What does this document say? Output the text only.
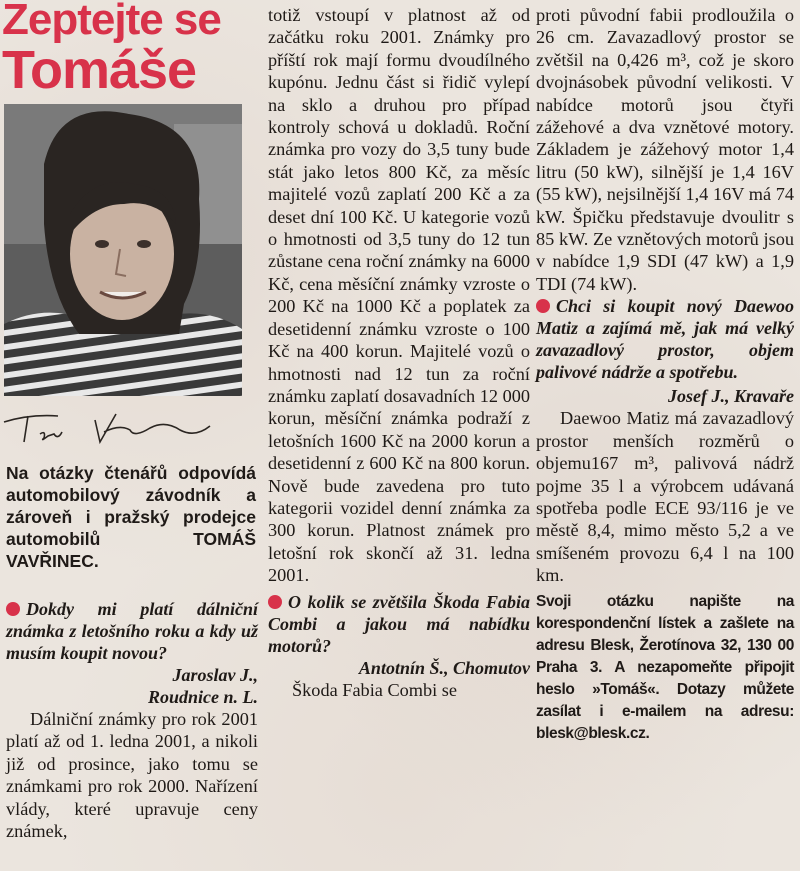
Zeptejte se
Tomáše
Na otázky čtenářů odpovídá automobilový závodník a zároveň i pražský prodejce automobilů TOMÁŠ VAVŘINEC.

Dokdy mi platí dálniční známka z letošního roku a kdy už musím koupit novou?

Jaroslav J.,

Roudnice n. L.

Dálniční známky pro rok 2001 platí až od 1. ledna 2001, a nikoli již od prosince, jako tomu se známkami pro rok 2000. Nařízení vlády, které upravuje ceny známek,

totiž vstoupí v platnost až od začátku roku 2001. Známky pro příští rok mají formu dvoudílného kupónu. Jednu část si řidič vylepí na sklo a druhou pro případ kontroly schová u dokladů. Roční známka pro vozy do 3,5 tuny bude stát jako letos 800 Kč, za měsíc majitelé vozů zaplatí 200 Kč a za deset dní 100 Kč. U kategorie vozů o hmotnosti od 3,5 tuny do 12 tun zůstane cena roční známky na 6000 Kč, cena měsíční známky vzroste o 200 Kč na 1000 Kč a poplatek za desetidenní známku vzroste o 100 Kč na 400 korun. Majitelé vozů o hmotnosti nad 12 tun za roční známku zaplatí dosavadních 12 000 korun, měsíční známka podraží z letošních 1600 Kč na 2000 korun a desetidenní z 600 Kč na 800 korun. Nově bude zavedena pro tuto kategorii vozidel denní známka za 300 korun. Platnost známek pro letošní rok skončí až 31. ledna 2001.

O kolik se zvětšila Škoda Fabia Combi a jakou má nabídku motorů?

Antotnín Š., Chomutov

Škoda Fabia Combi se

proti původní fabii prodloužila o 26 cm. Zavazadlový prostor se zvětšil na 0,426 m³, což je skoro dvojnásobek původní velikosti. V nabídce motorů jsou čtyři zážehové a dva vznětové motory. Základem je zážehový motor 1,4 litru (50 kW), silnější je 1,4 16V (55 kW), nejsilnější 1,4 16V má 74 kW. Špičku představuje dvoulitr s 85 kW. Ze vznětových motorů jsou v nabídce 1,9 SDI (47 kW) a 1,9 TDI (74 kW).

Chci si koupit nový Daewoo Matiz a zajímá mě, jak má velký zavazadlový prostor, objem palivové nádrže a spotřebu.

Josef J., Kravaře

Daewoo Matiz má zavazadlový prostor menších rozměrů o objemu167 m³, palivová nádrž pojme 35 l a výrobcem udávaná spotřeba podle ECE 93/116 je ve městě 8,4, mimo město 5,2 a ve smíšeném provozu 6,4 l na 100 km.

Svoji otázku napište na korespondenční lístek a zašlete na adresu Blesk, Žerotínova 32, 130 00 Praha 3. A nezapomeňte připojit heslo »Tomáš«. Dotazy můžete zasílat i e-mailem na adresu: blesk@blesk.cz.
